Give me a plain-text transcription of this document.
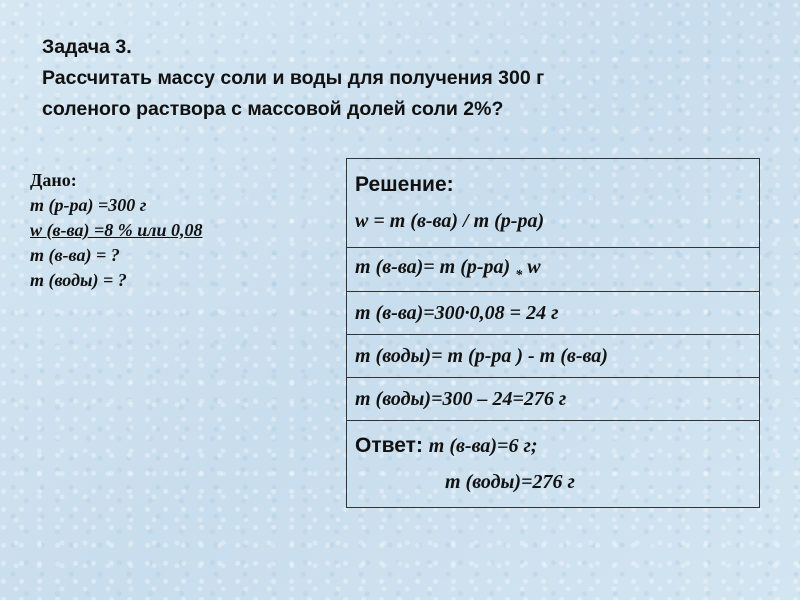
Задача 3.
Рассчитать массу соли и воды для получения 300 г
соленого раствора с массовой долей соли 2%?
Дано:
m (р-ра) =300 г
w (в-ва) =8 % или 0,08
m (в-ва) = ?
m (воды) = ?
Решение:
w = m (в-ва) / m (р-ра)

m (в-ва)= m (р-ра) $_*$ w
m (в-ва)=300·0,08 = 24 г
m (воды)= m (р-ра ) - m (в-ва)
m (воды)=300 – 24=276 г

Ответ: m (в-ва)=6 г;
m (воды)=276 г
